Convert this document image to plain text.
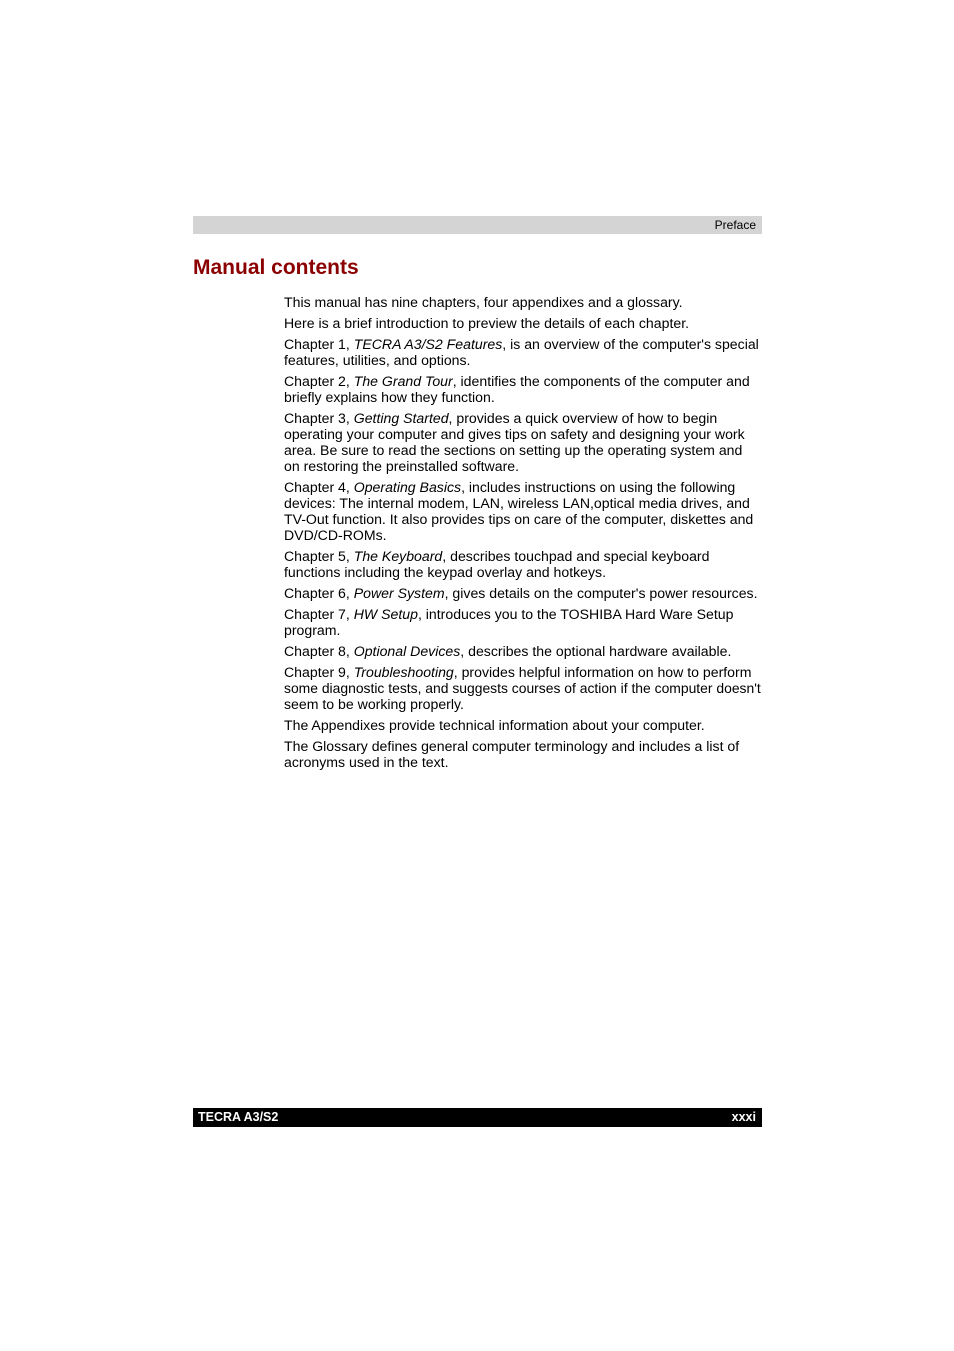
Preface
Manual contents

This manual has nine chapters, four appendixes and a glossary.

Here is a brief introduction to preview the details of each chapter.

Chapter 1, TECRA A3/S2 Features, is an overview of the computer's special
features, utilities, and options.

Chapter 2, The Grand Tour, identifies the components of the computer and
briefly explains how they function.

Chapter 3, Getting Started, provides a quick overview of how to begin
operating your computer and gives tips on safety and designing your work
area. Be sure to read the sections on setting up the operating system and
on restoring the preinstalled software.

Chapter 4, Operating Basics, includes instructions on using the following
devices: The internal modem, LAN, wireless LAN,optical media drives, and
TV-Out function. It also provides tips on care of the computer, diskettes and
DVD/CD-ROMs.

Chapter 5, The Keyboard, describes touchpad and special keyboard
functions including the keypad overlay and hotkeys.

Chapter 6, Power System, gives details on the computer's power resources.

Chapter 7, HW Setup, introduces you to the TOSHIBA Hard Ware Setup
program.

Chapter 8, Optional Devices, describes the optional hardware available.

Chapter 9, Troubleshooting, provides helpful information on how to perform
some diagnostic tests, and suggests courses of action if the computer doesn't
seem to be working properly.

The Appendixes provide technical information about your computer.

The Glossary defines general computer terminology and includes a list of
acronyms used in the text.

TECRA A3/S2	xxxi
